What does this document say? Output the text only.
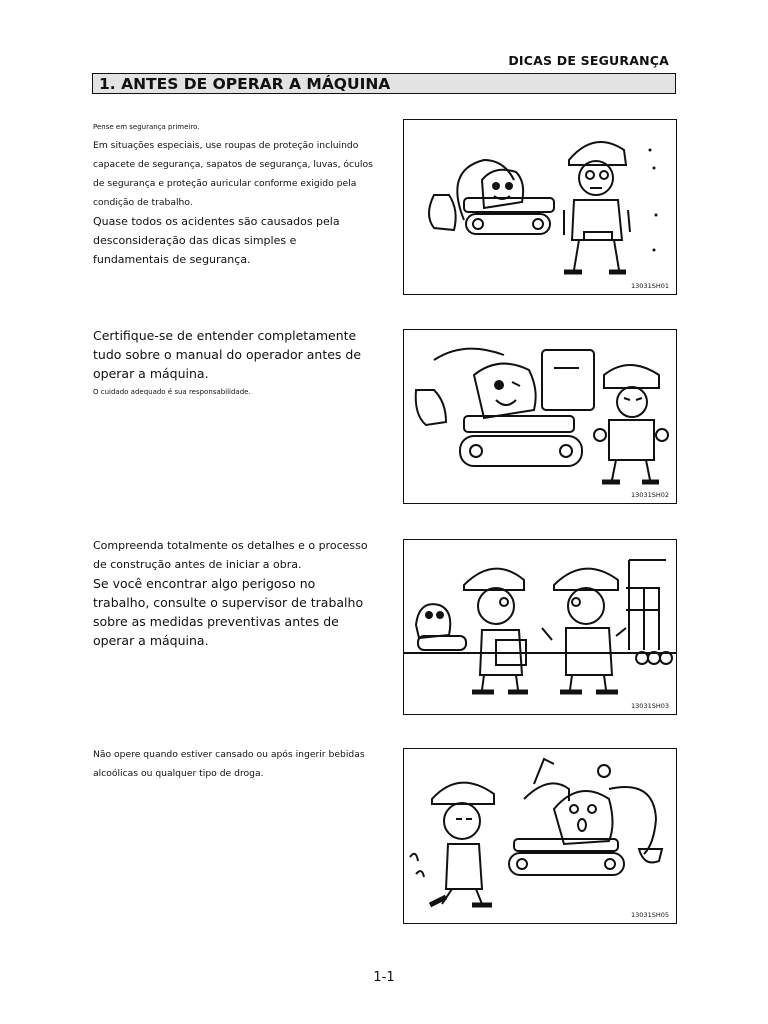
DICAS DE SEGURANÇA
1. ANTES DE OPERAR A MÁQUINA

Pense em segurança primeiro.

Em situações especiais, use roupas de proteção incluindo capacete de segurança, sapatos de segurança, luvas, óculos de segurança e proteção auricular conforme exigido pela condição de trabalho.

Quase todos os acidentes são causados pela desconsideração das dicas simples e fundamentais de segurança.

13031SH01

Certifique-se de entender completamente tudo sobre o manual do operador antes de operar a máquina.

O cuidado adequado é sua responsabilidade.

13031SH02

Compreenda totalmente os detalhes e o processo de construção antes de iniciar a obra.

Se você encontrar algo perigoso no trabalho, consulte o supervisor de trabalho sobre as medidas preventivas antes de operar a máquina.

13031SH03

Não opere quando estiver cansado ou após ingerir bebidas alcoólicas ou qualquer tipo de droga.

13031SH05
1-1
